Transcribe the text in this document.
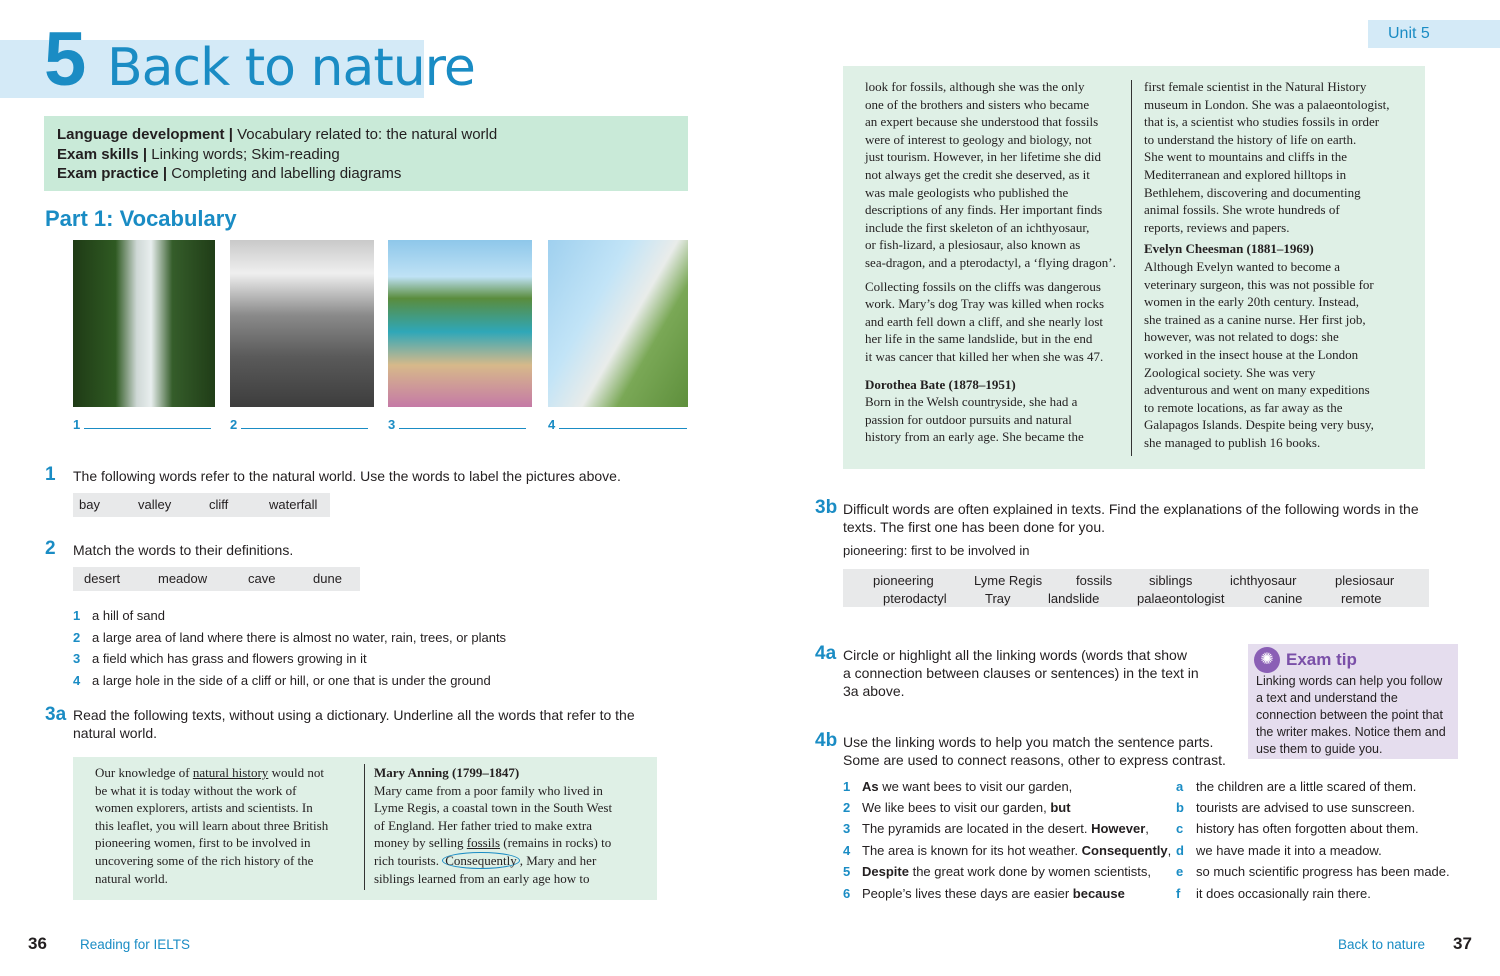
5 Back to nature
Language development | Vocabulary related to: the natural world
Exam skills | Linking words; Skim-reading
Exam practice | Completing and labelling diagrams
Part 1: Vocabulary
1	2	3	4
1 The following words refer to the natural world. Use the words to label the pictures above.
bay	valley	cliff	waterfall
2 Match the words to their definitions.
desert	meadow	cave	dune
1 a hill of sand
2 a large area of land where there is almost no water, rain, trees, or plants
3 a field which has grass and flowers growing in it
4 a large hole in the side of a cliff or hill, or one that is under the ground
3a Read the following texts, without using a dictionary. Underline all the words that refer to the
natural world.
Our knowledge of natural history would not
be what it is today without the work of
women explorers, artists and scientists. In
this leaflet, you will learn about three British
pioneering women, first to be involved in
uncovering some of the rich history of the
natural world.
Mary Anning (1799–1847)
Mary came from a poor family who lived in
Lyme Regis, a coastal town in the South West
of England. Her father tried to make extra
money by selling fossils (remains in rocks) to
rich tourists. Consequently , Mary and her
siblings learned from an early age how to
36 Reading for IELTS
Unit 5
look for fossils, although she was the only
one of the brothers and sisters who became
an expert because she understood that fossils
were of interest to geology and biology, not
just tourism. However, in her lifetime she did
not always get the credit she deserved, as it
was male geologists who published the
descriptions of any finds. Her important finds
include the first skeleton of an ichthyosaur,
or fish-lizard, a plesiosaur, also known as
sea-dragon, and a pterodactyl, a ‘flying dragon’.
Collecting fossils on the cliffs was dangerous
work. Mary’s dog Tray was killed when rocks
and earth fell down a cliff, and she nearly lost
her life in the same landslide, but in the end
it was cancer that killed her when she was 47.
Dorothea Bate (1878–1951)
Born in the Welsh countryside, she had a
passion for outdoor pursuits and natural
history from an early age. She became the
first female scientist in the Natural History
museum in London. She was a palaeontologist,
that is, a scientist who studies fossils in order
to understand the history of life on earth.
She went to mountains and cliffs in the
Mediterranean and explored hilltops in
Bethlehem, discovering and documenting
animal fossils. She wrote hundreds of
reports, reviews and papers.
Evelyn Cheesman (1881–1969)
Although Evelyn wanted to become a
veterinary surgeon, this was not possible for
women in the early 20th century. Instead,
she trained as a canine nurse. Her first job,
however, was not related to dogs: she
worked in the insect house at the London
Zoological society. She was very
adventurous and went on many expeditions
to remote locations, as far away as the
Galapagos Islands. Despite being very busy,
she managed to publish 16 books.
3b Difficult words are often explained in texts. Find the explanations of the following words in the
texts. The first one has been done for you.
pioneering: first to be involved in
pioneering	Lyme Regis	fossils	siblings	ichthyosaur	plesiosaur
pterodactyl	Tray	landslide	palaeontologist	canine	remote
4a Circle or highlight all the linking words (words that show
a connection between clauses or sentences) in the text in
3a above.
✺ Exam tip
Linking words can help you follow a text and understand the connection between the point that the writer makes. Notice them and use them to guide you.
4b Use the linking words to help you match the sentence parts.
Some are used to connect reasons, other to express contrast.
1 As we want bees to visit our garden,	a the children are a little scared of them.
2 We like bees to visit our garden, but	b tourists are advised to use sunscreen.
3 The pyramids are located in the desert. However, c history has often forgotten about them.
4 The area is known for its hot weather. Consequently, d we have made it into a meadow.
5 Despite the great work done by women scientists, e so much scientific progress has been made.
6 People’s lives these days are easier because	f it does occasionally rain there.
Back to nature 37
